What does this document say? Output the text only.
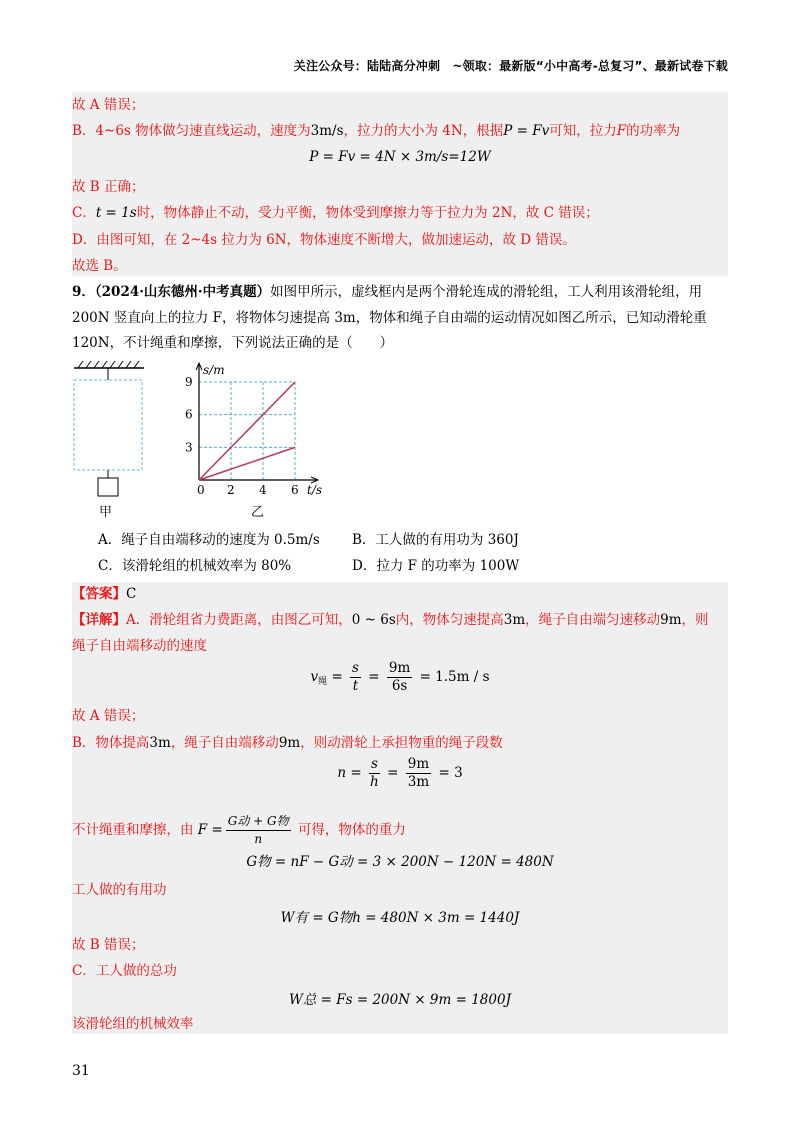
关注公众号：陆陆高分冲刺　~领取：最新版“小中高考-总复习”、最新试卷下载
故 A 错误；
B．4~6s 物体做匀速直线运动，速度为3m/s，拉力的大小为 4N，根据P = Fv可知，拉力F的功率为
P = Fv = 4N × 3m/s=12W
故 B 正确；
C．t = 1s时，物体静止不动，受力平衡，物体受到摩擦力等于拉力为 2N，故 C 错误；
D．由图可知，在 2~4s 拉力为 6N，物体速度不断增大，做加速运动，故 D 错误。
故选 B。
9．（2024·山东德州·中考真题）如图甲所示，虚线框内是两个滑轮连成的滑轮组，工人利用该滑轮组，用
200N 竖直向上的拉力 F，将物体匀速提高 3m，物体和绳子自由端的运动情况如图乙所示，已知动滑轮重
120N，不计绳重和摩擦，下列说法正确的是（　　）
甲
0 2 4 6
3
6
9
s/m
t/s
乙
A．绳子自由端移动的速度为 0.5m/s	B．工人做的有用功为 360J
C．该滑轮组的机械效率为 80%	D．拉力 F 的功率为 100W
【答案】C
【详解】A．滑轮组省力费距离，由图乙可知，0 ~ 6s内，物体匀速提高3m，绳子自由端匀速移动9m，则
绳子自由端移动的速度
$v_绳 = \frac{s}{t} = \frac{9m}{6s} = 1.5m / s$
故 A 错误；
B．物体提高3m，绳子自由端移动9m，则动滑轮上承担物重的绳子段数
$n = \frac{s}{h} = \frac{9m}{3m} = 3$
不计绳重和摩擦，由 $F = \frac{\text{G动 + G物}}{n}$ 可得，物体的重力
G物 = nF − G动 = 3 × 200N − 120N = 480N
工人做的有用功
W有 = G物h = 480N × 3m = 1440J
故 B 错误；
C．工人做的总功
W总 = Fs = 200N × 9m = 1800J
该滑轮组的机械效率
31
